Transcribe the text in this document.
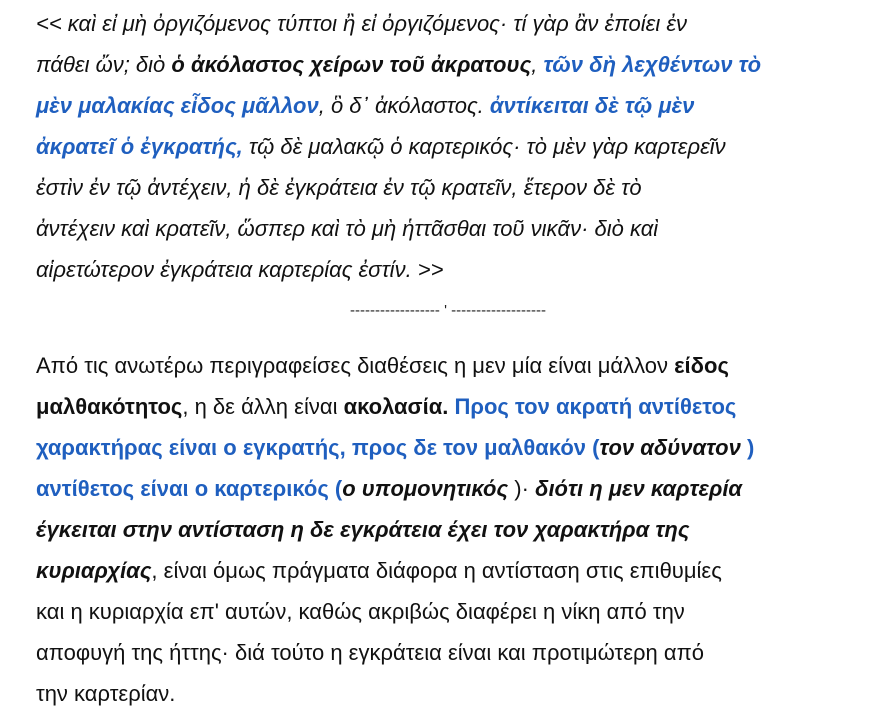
<< καὶ εἰ μὴ ὀργιζόμενος τύπτοι ἢ εἰ ὀργιζόμενος· τί γὰρ ἂν ἐποίει ἐν
πάθει ὤν; διὸ ὁ ἀκόλαστος χείρων τοῦ ἀκρατους, τῶν δὴ λεχθέντων τὸ
μὲν μαλακίας εἶδος μᾶλλον, ὃ δ᾽ ἀκόλαστος. ἀντίκειται δὲ τῷ μὲν
ἀκρατεῖ ὁ ἐγκρατής, τῷ δὲ μαλακῷ ὁ καρτερικός· τὸ μὲν γὰρ καρτερεῖν
ἐστὶν ἐν τῷ ἀντέχειν, ἡ δὲ ἐγκράτεια ἐν τῷ κρατεῖν, ἕτερον δὲ τὸ
ἀντέχειν καὶ κρατεῖν, ὥσπερ καὶ τὸ μὴ ἡττᾶσθαι τοῦ νικᾶν· διὸ καὶ
αἱρετώτερον ἐγκράτεια καρτερίας ἐστίν. >>
------------------ ' -------------------
Από τις ανωτέρω περιγραφείσες διαθέσεις η μεν μία είναι μάλλον είδος
μαλθακότητος, η δε άλλη είναι ακολασία. Προς τον ακρατή αντίθετος
χαρακτήρας είναι ο εγκρατής, προς δε τον μαλθακόν (τον αδύνατον )
αντίθετος είναι ο καρτερικός (ο υπομονητικός )· διότι η μεν καρτερία
έγκειται στην αντίσταση η δε εγκράτεια έχει τον χαρακτήρα της
κυριαρχίας, είναι όμως πράγματα διάφορα η αντίσταση στις επιθυμίες
και η κυριαρχία επ' αυτών, καθώς ακριβώς διαφέρει η νίκη από την
αποφυγή της ήττης· διά τούτο η εγκράτεια είναι και προτιμώτερη από
την καρτερίαν.
